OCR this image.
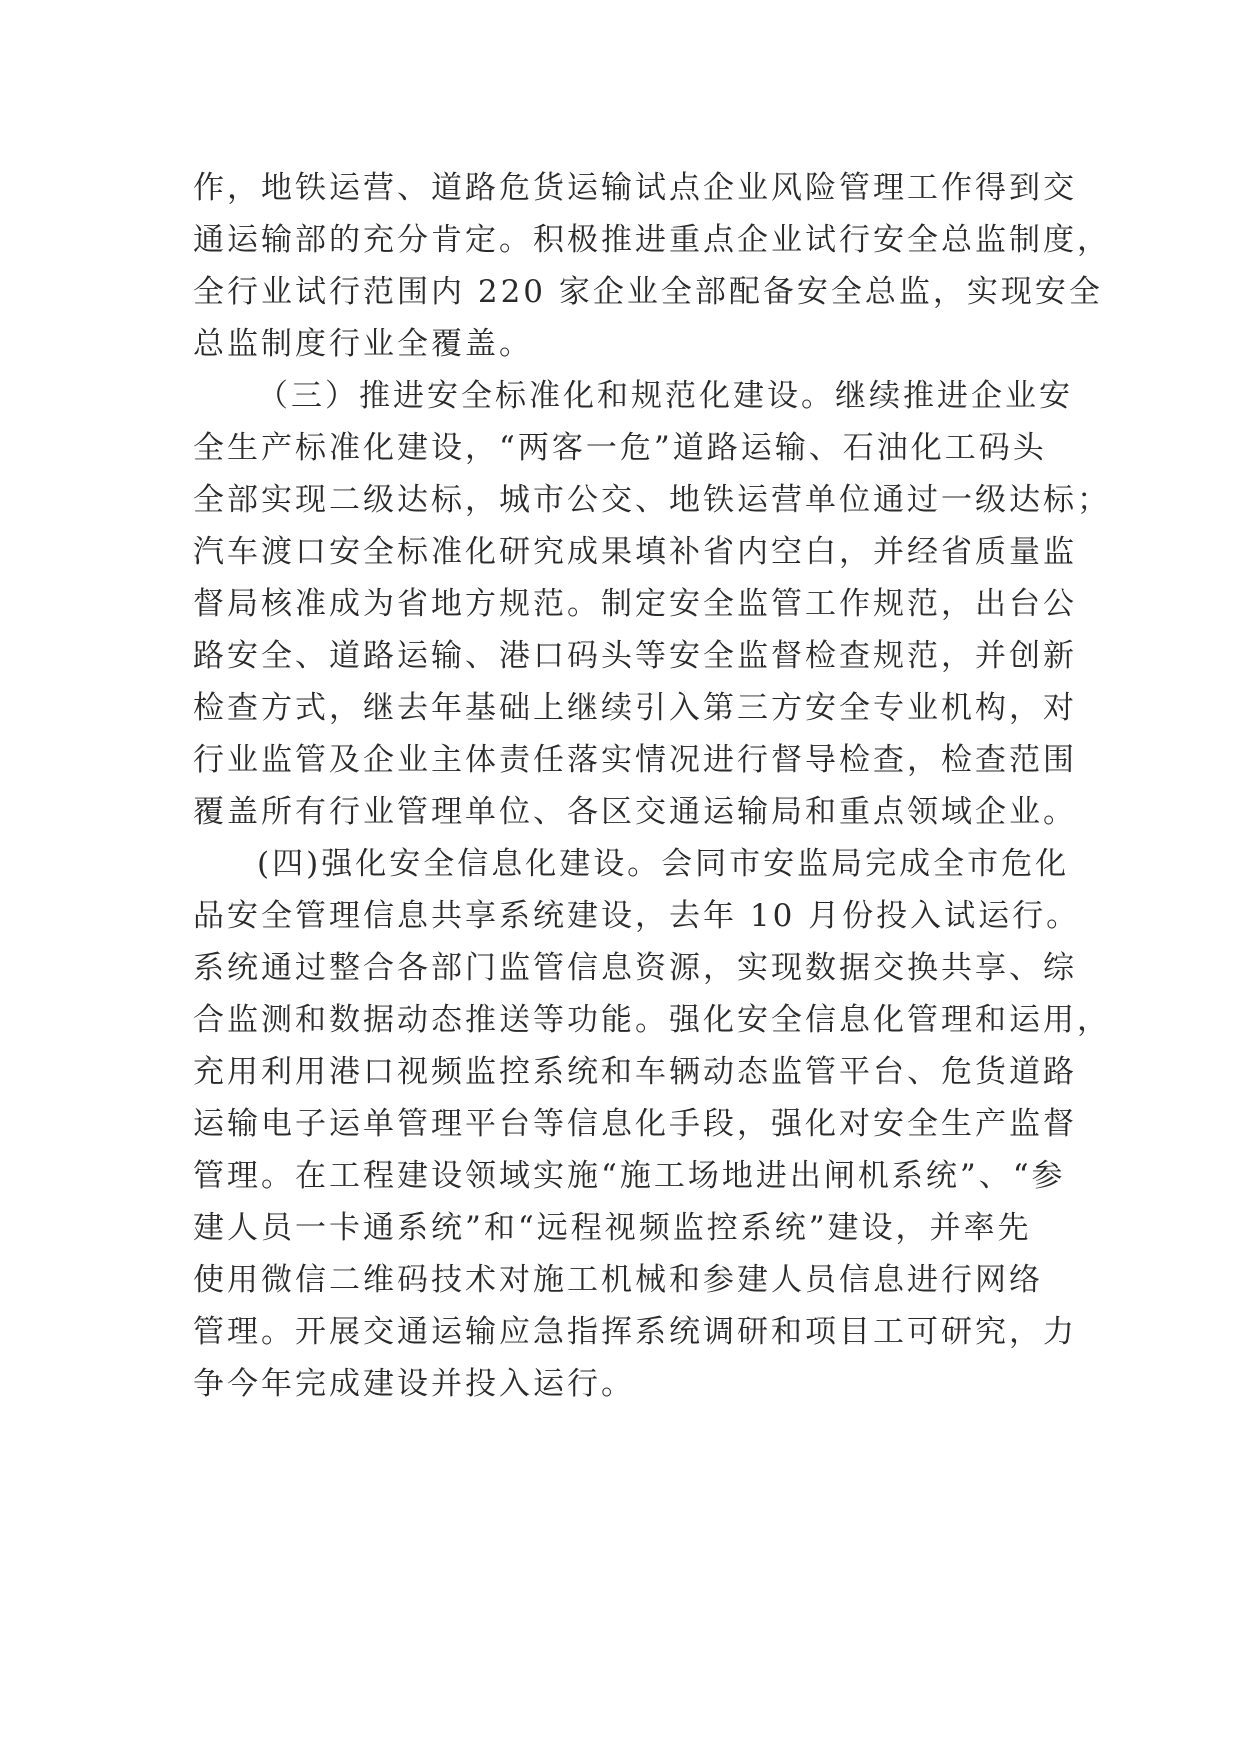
作，地铁运营、道路危货运输试点企业风险管理工作得到交
通运输部的充分肯定。积极推进重点企业试行安全总监制度，
全行业试行范围内 220 家企业全部配备安全总监，实现安全
总监制度行业全覆盖。
（三）推进安全标准化和规范化建设。继续推进企业安
全生产标准化建设，“两客一危”道路运输、石油化工码头
全部实现二级达标，城市公交、地铁运营单位通过一级达标；
汽车渡口安全标准化研究成果填补省内空白，并经省质量监
督局核准成为省地方规范。制定安全监管工作规范，出台公
路安全、道路运输、港口码头等安全监督检查规范，并创新
检查方式，继去年基础上继续引入第三方安全专业机构，对
行业监管及企业主体责任落实情况进行督导检查，检查范围
覆盖所有行业管理单位、各区交通运输局和重点领域企业。
(四)强化安全信息化建设。会同市安监局完成全市危化
品安全管理信息共享系统建设，去年 10 月份投入试运行。
系统通过整合各部门监管信息资源，实现数据交换共享、综
合监测和数据动态推送等功能。强化安全信息化管理和运用，
充用利用港口视频监控系统和车辆动态监管平台、危货道路
运输电子运单管理平台等信息化手段，强化对安全生产监督
管理。在工程建设领域实施“施工场地进出闸机系统”、“参
建人员一卡通系统”和“远程视频监控系统”建设，并率先
使用微信二维码技术对施工机械和参建人员信息进行网络
管理。开展交通运输应急指挥系统调研和项目工可研究，力
争今年完成建设并投入运行。
